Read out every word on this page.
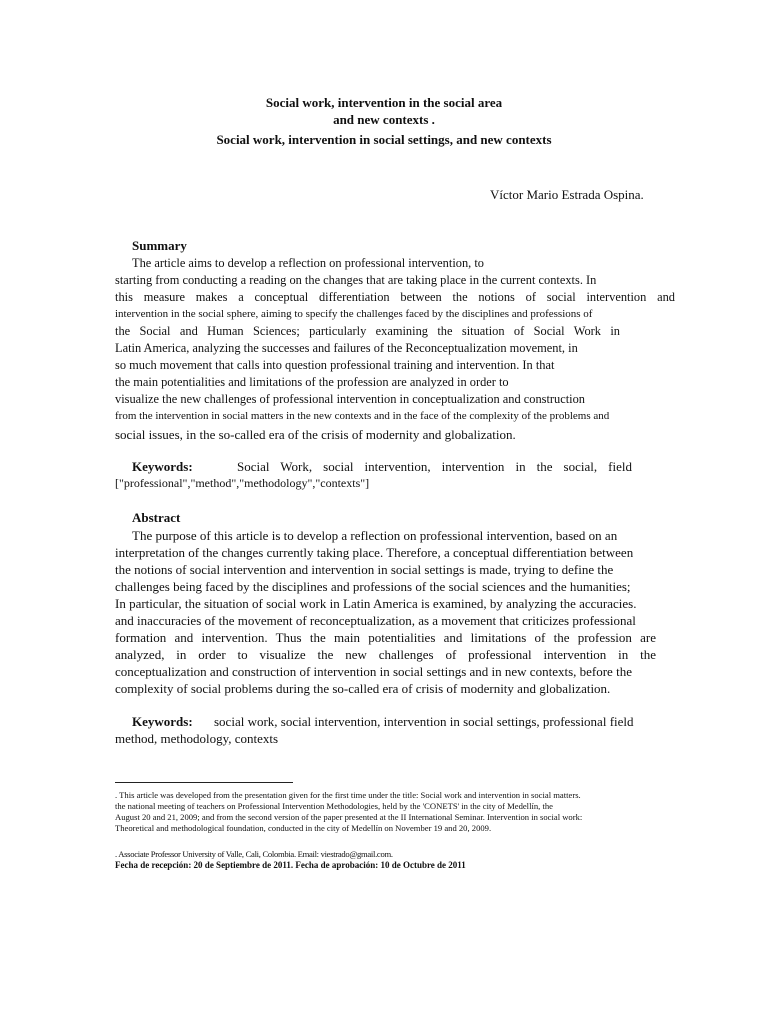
Social work, intervention in the social area
and new contexts .
Social work, intervention in social settings, and new contexts
Víctor Mario Estrada Ospina.
Summary
The article aims to develop a reflection on professional intervention, to
starting from conducting a reading on the changes that are taking place in the current contexts. In
this measure makes a conceptual differentiation between the notions of social intervention and
intervention in the social sphere, aiming to specify the challenges faced by the disciplines and professions of
the Social and Human Sciences; particularly examining the situation of Social Work in
Latin America, analyzing the successes and failures of the Reconceptualization movement, in
so much movement that calls into question professional training and intervention. In that
the main potentialities and limitations of the profession are analyzed in order to
visualize the new challenges of professional intervention in conceptualization and construction
from the intervention in social matters in the new contexts and in the face of the complexity of the problems and
social issues, in the so-called era of the crisis of modernity and globalization.
Keywords:	Social Work, social intervention, intervention in the social, field
["professional","method","methodology","contexts"]
Abstract
The purpose of this article is to develop a reflection on professional intervention, based on an
interpretation of the changes currently taking place. Therefore, a conceptual differentiation between
the notions of social intervention and intervention in social settings is made, trying to define the
challenges being faced by the disciplines and professions of the social sciences and the humanities;
In particular, the situation of social work in Latin America is examined, by analyzing the accuracies.
and inaccuracies of the movement of reconceptualization, as a movement that criticizes professional
formation and intervention. Thus the main potentialities and limitations of the profession are
analyzed, in order to visualize the new challenges of professional intervention in the
conceptualization and construction of intervention in social settings and in new contexts, before the
complexity of social problems during the so-called era of crisis of modernity and globalization.
Keywords: social work, social intervention, intervention in social settings, professional field
method, methodology, contexts
. This article was developed from the presentation given for the first time under the title: Social work and intervention in social matters.
the national meeting of teachers on Professional Intervention Methodologies, held by the 'CONETS' in the city of Medellín, the
August 20 and 21, 2009; and from the second version of the paper presented at the II International Seminar. Intervention in social work:
Theoretical and methodological foundation, conducted in the city of Medellín on November 19 and 20, 2009.
. Associate Professor University of Valle, Cali, Colombia. Email: viestrado@gmail.com.
Fecha de recepción: 20 de Septiembre de 2011. Fecha de aprobación: 10 de Octubre de 2011
